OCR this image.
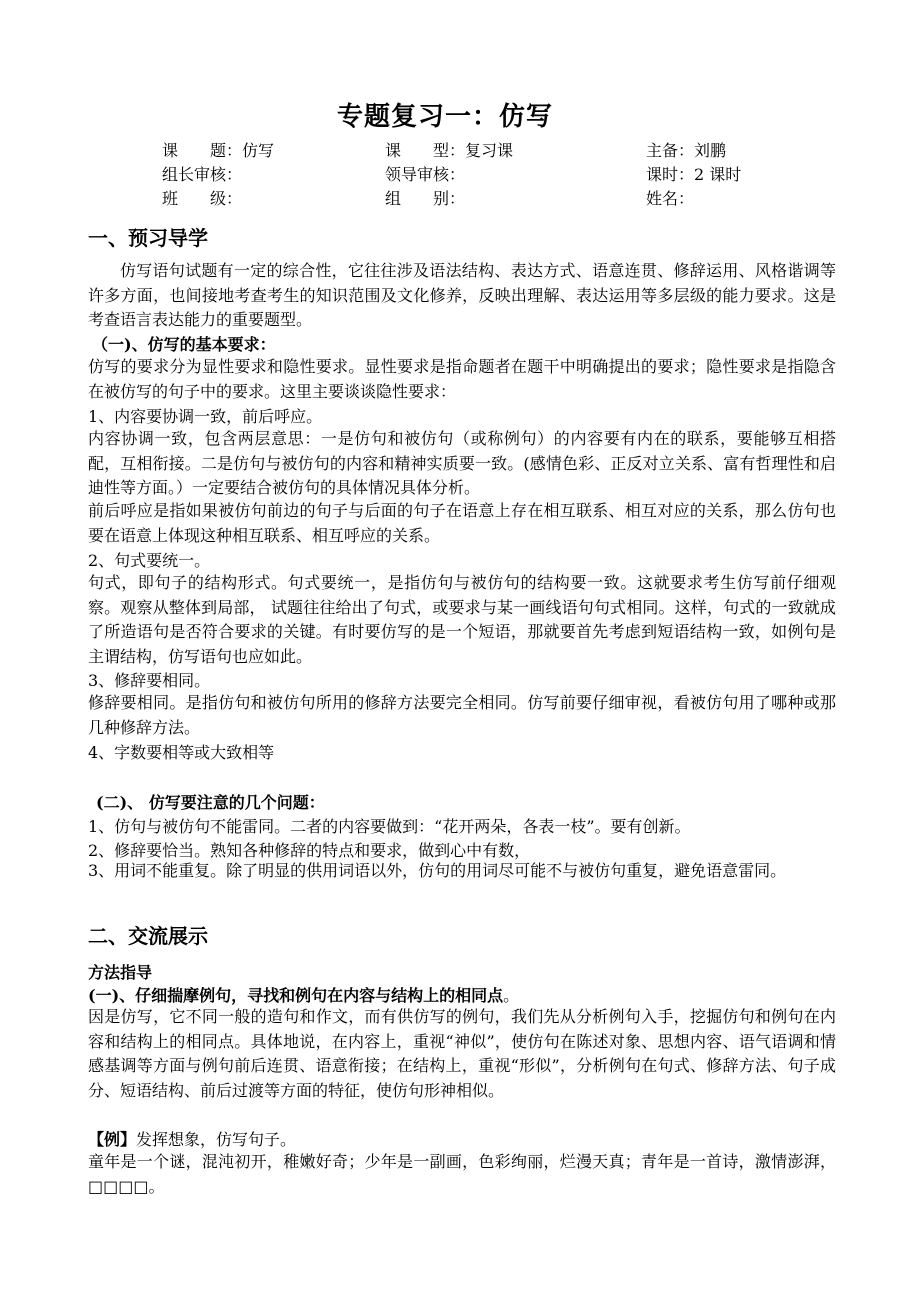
专题复习一：仿写
课　　题：仿写	课　　型：复习课	主备：刘鹏
组长审核：	领导审核：	课时：2 课时
班　　级：	组　　别：	姓名：
一、预习导学

仿写语句试题有一定的综合性，它往往涉及语法结构、表达方式、语意连贯、修辞运用、风格谐调等许多方面，也间接地考查考生的知识范围及文化修养，反映出理解、表达运用等多层级的能力要求。这是考查语言表达能力的重要题型。

（一)、仿写的基本要求：

仿写的要求分为显性要求和隐性要求。显性要求是指命题者在题干中明确提出的要求；隐性要求是指隐含在被仿写的句子中的要求。这里主要谈谈隐性要求：

1、内容要协调一致，前后呼应。

内容协调一致，包含两层意思：一是仿句和被仿句（或称例句）的内容要有内在的联系，要能够互相搭配，互相衔接。二是仿句与被仿句的内容和精神实质要一致。(感情色彩、正反对立关系、富有哲理性和启迪性等方面。）一定要结合被仿句的具体情况具体分析。

前后呼应是指如果被仿句前边的句子与后面的句子在语意上存在相互联系、相互对应的关系，那么仿句也要在语意上体现这种相互联系、相互呼应的关系。

2、句式要统一。

句式，即句子的结构形式。句式要统一，是指仿句与被仿句的结构要一致。这就要求考生仿写前仔细观察。观察从整体到局部， 试题往往给出了句式，或要求与某一画线语句句式相同。这样，句式的一致就成了所造语句是否符合要求的关键。有时要仿写的是一个短语，那就要首先考虑到短语结构一致，如例句是主谓结构，仿写语句也应如此。

3、修辞要相同。

修辞要相同。是指仿句和被仿句所用的修辞方法要完全相同。仿写前要仔细审视，看被仿句用了哪种或那几种修辞方法。

4、字数要相等或大致相等
(二)、 仿写要注意的几个问题：
1、仿句与被仿句不能雷同。二者的内容要做到：“花开两朵，各表一枝”。要有创新。
2、修辞要恰当。熟知各种修辞的特点和要求，做到心中有数，

3、用词不能重复。除了明显的供用词语以外，仿句的用词尽可能不与被仿句重复，避免语意雷同。

二、交流展示
方法指导
(一)、仔细揣摩例句，寻找和例句在内容与结构上的相同点。

因是仿写，它不同一般的造句和作文，而有供仿写的例句，我们先从分析例句入手，挖掘仿句和例句在内容和结构上的相同点。具体地说，在内容上，重视“神似”，使仿句在陈述对象、思想内容、语气语调和情感基调等方面与例句前后连贯、语意衔接；在结构上，重视“形似”，分析例句在句式、修辞方法、句子成分、短语结构、前后过渡等方面的特征，使仿句形神相似。

【例】发挥想象，仿写句子。

童年是一个谜，混沌初开，稚嫩好奇；少年是一副画，色彩绚丽，烂漫天真；青年是一首诗，激情澎湃，□□□□。
